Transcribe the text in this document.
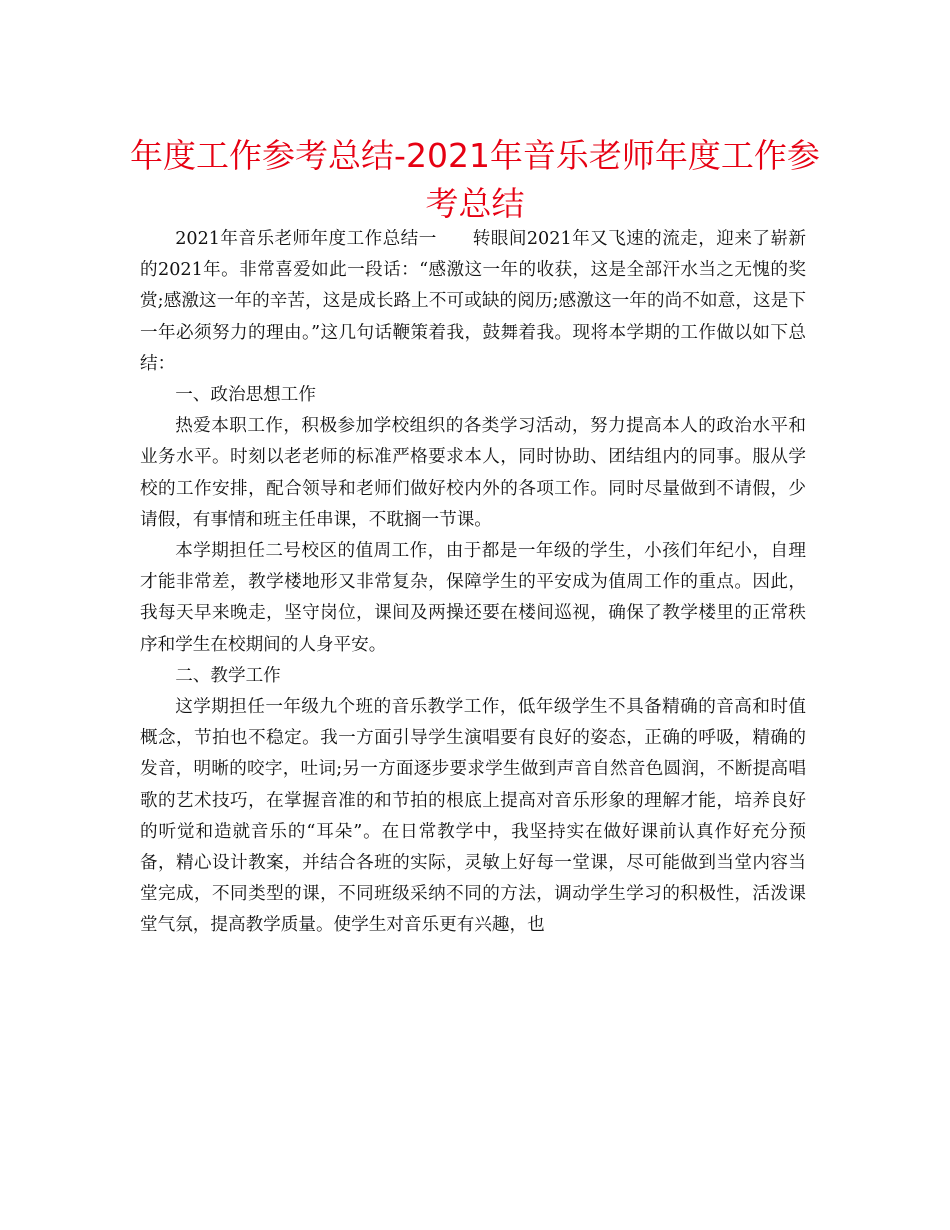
年度工作参考总结-2021年音乐老师年度工作参考总结

2021年音乐老师年度工作总结一　　转眼间2021年又飞速的流走，迎来了崭新的2021年。非常喜爱如此一段话：“感激这一年的收获，这是全部汗水当之无愧的奖赏;感激这一年的辛苦，这是成长路上不可或缺的阅历;感激这一年的尚不如意，这是下一年必须努力的理由。”这几句话鞭策着我，鼓舞着我。现将本学期的工作做以如下总结：

一、政治思想工作

热爱本职工作，积极参加学校组织的各类学习活动，努力提高本人的政治水平和业务水平。时刻以老老师的标准严格要求本人，同时协助、团结组内的同事。服从学校的工作安排，配合领导和老师们做好校内外的各项工作。同时尽量做到不请假，少请假，有事情和班主任串课，不耽搁一节课。

本学期担任二号校区的值周工作，由于都是一年级的学生，小孩们年纪小，自理才能非常差，教学楼地形又非常复杂，保障学生的平安成为值周工作的重点。因此，我每天早来晚走，坚守岗位，课间及两操还要在楼间巡视，确保了教学楼里的正常秩序和学生在校期间的人身平安。

二、教学工作

这学期担任一年级九个班的音乐教学工作，低年级学生不具备精确的音高和时值概念，节拍也不稳定。我一方面引导学生演唱要有良好的姿态，正确的呼吸，精确的发音，明晰的咬字，吐词;另一方面逐步要求学生做到声音自然音色圆润，不断提高唱歌的艺术技巧，在掌握音准的和节拍的根底上提高对音乐形象的理解才能，培养良好的听觉和造就音乐的“耳朵”。在日常教学中，我坚持实在做好课前认真作好充分预备，精心设计教案，并结合各班的实际，灵敏上好每一堂课，尽可能做到当堂内容当堂完成，不同类型的课，不同班级采纳不同的方法，调动学生学习的积极性，活泼课堂气氛，提高教学质量。使学生对音乐更有兴趣，也
